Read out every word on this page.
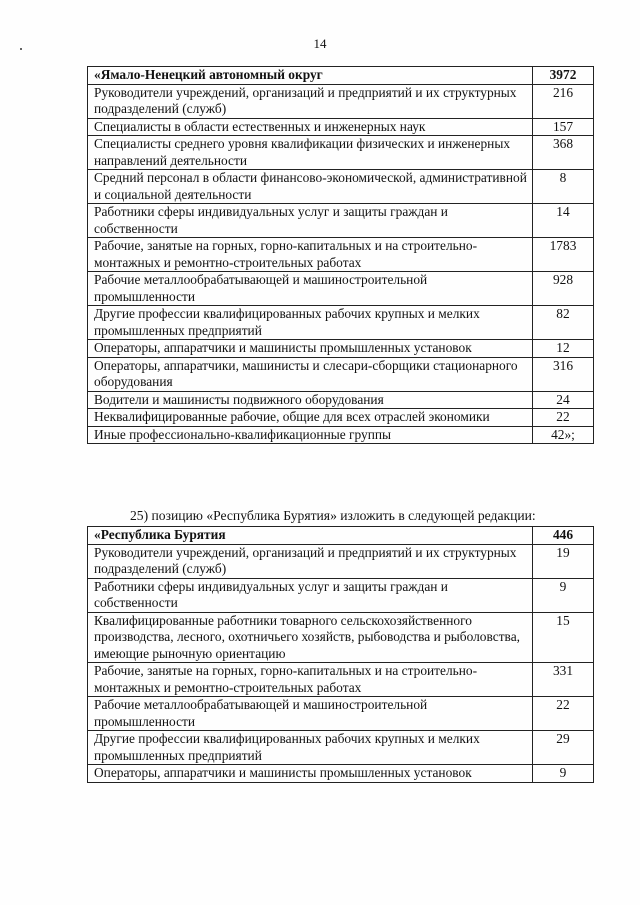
14
«Ямало-Ненецкий автономный округ	3972
Руководители учреждений, организаций и предприятий и их структурных подразделений (служб)	216
Специалисты в области естественных и инженерных наук	157
Специалисты среднего уровня квалификации физических и инженерных направлений деятельности	368
Средний персонал в области финансово-экономической, административной и социальной деятельности	8
Работники сферы индивидуальных услуг и защиты граждан и собственности	14
Рабочие, занятые на горных, горно-капитальных и на строительно-монтажных и ремонтно-строительных работах	1783
Рабочие металлообрабатывающей и машиностроительной промышленности	928
Другие профессии квалифицированных рабочих крупных и мелких промышленных предприятий	82
Операторы, аппаратчики и машинисты промышленных установок	12
Операторы, аппаратчики, машинисты и слесари-сборщики стационарного оборудования	316
Водители и машинисты подвижного оборудования	24
Неквалифицированные рабочие, общие для всех отраслей экономики	22
Иные профессионально-квалификационные группы	42»;
25) позицию «Республика Бурятия» изложить в следующей редакции:
«Республика Бурятия	446
Руководители учреждений, организаций и предприятий и их структурных подразделений (служб)	19
Работники сферы индивидуальных услуг и защиты граждан и собственности	9
Квалифицированные работники товарного сельскохозяйственного производства, лесного, охотничьего хозяйств, рыбоводства и рыболовства, имеющие рыночную ориентацию	15
Рабочие, занятые на горных, горно-капитальных и на строительно-монтажных и ремонтно-строительных работах	331
Рабочие металлообрабатывающей и машиностроительной промышленности	22
Другие профессии квалифицированных рабочих крупных и мелких промышленных предприятий	29
Операторы, аппаратчики и машинисты промышленных установок	9
